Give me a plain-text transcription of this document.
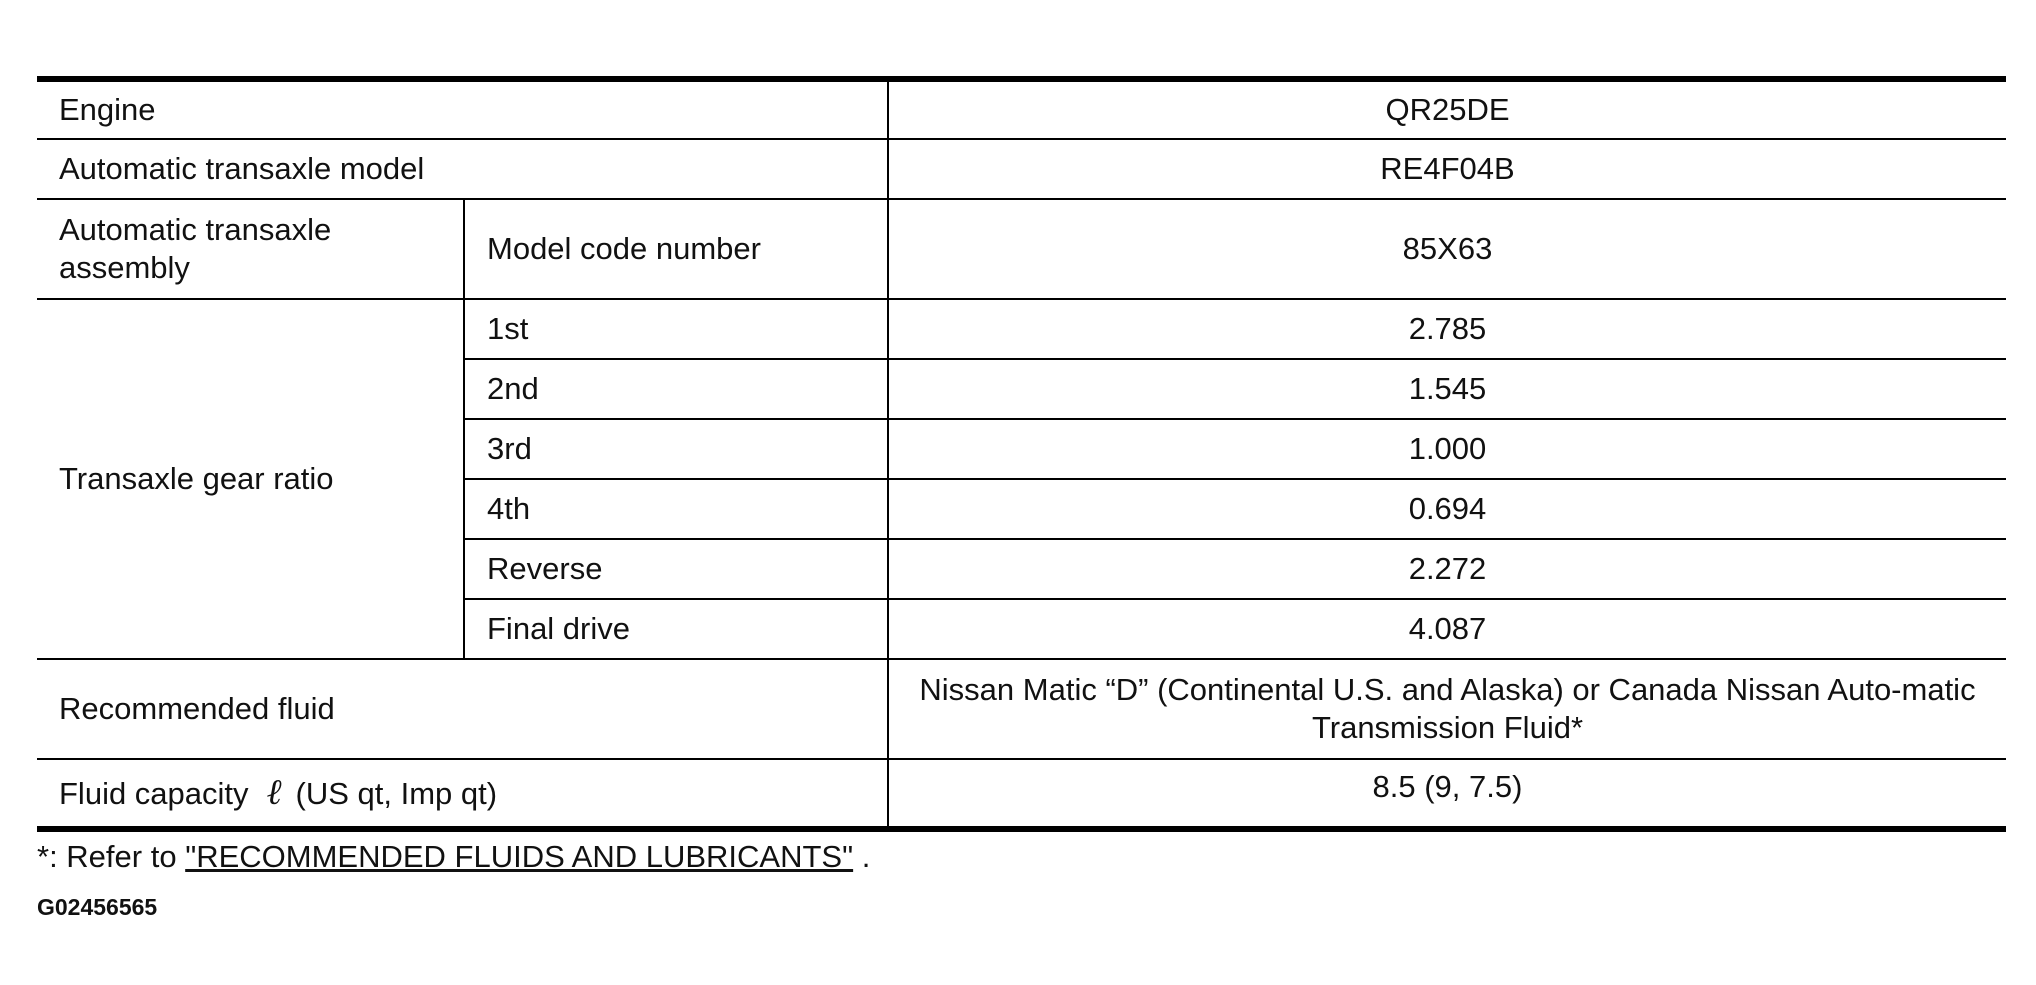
Engine		QR25DE
Automatic transaxle model		RE4F04B
Automatic transaxle assembly	Model code number	85X63
Transaxle gear ratio	1st	2.785
	2nd	1.545
	3rd	1.000
	4th	0.694
	Reverse	2.272
	Final drive	4.087
Recommended fluid		Nissan Matic “D” (Continental U.S. and Alaska) or Canada Nissan Auto-matic Transmission Fluid*
Fluid capacity ℓ (US qt, Imp qt)		8.5 (9, 7.5)
*: Refer to "RECOMMENDED FLUIDS AND LUBRICANTS" .
G02456565
